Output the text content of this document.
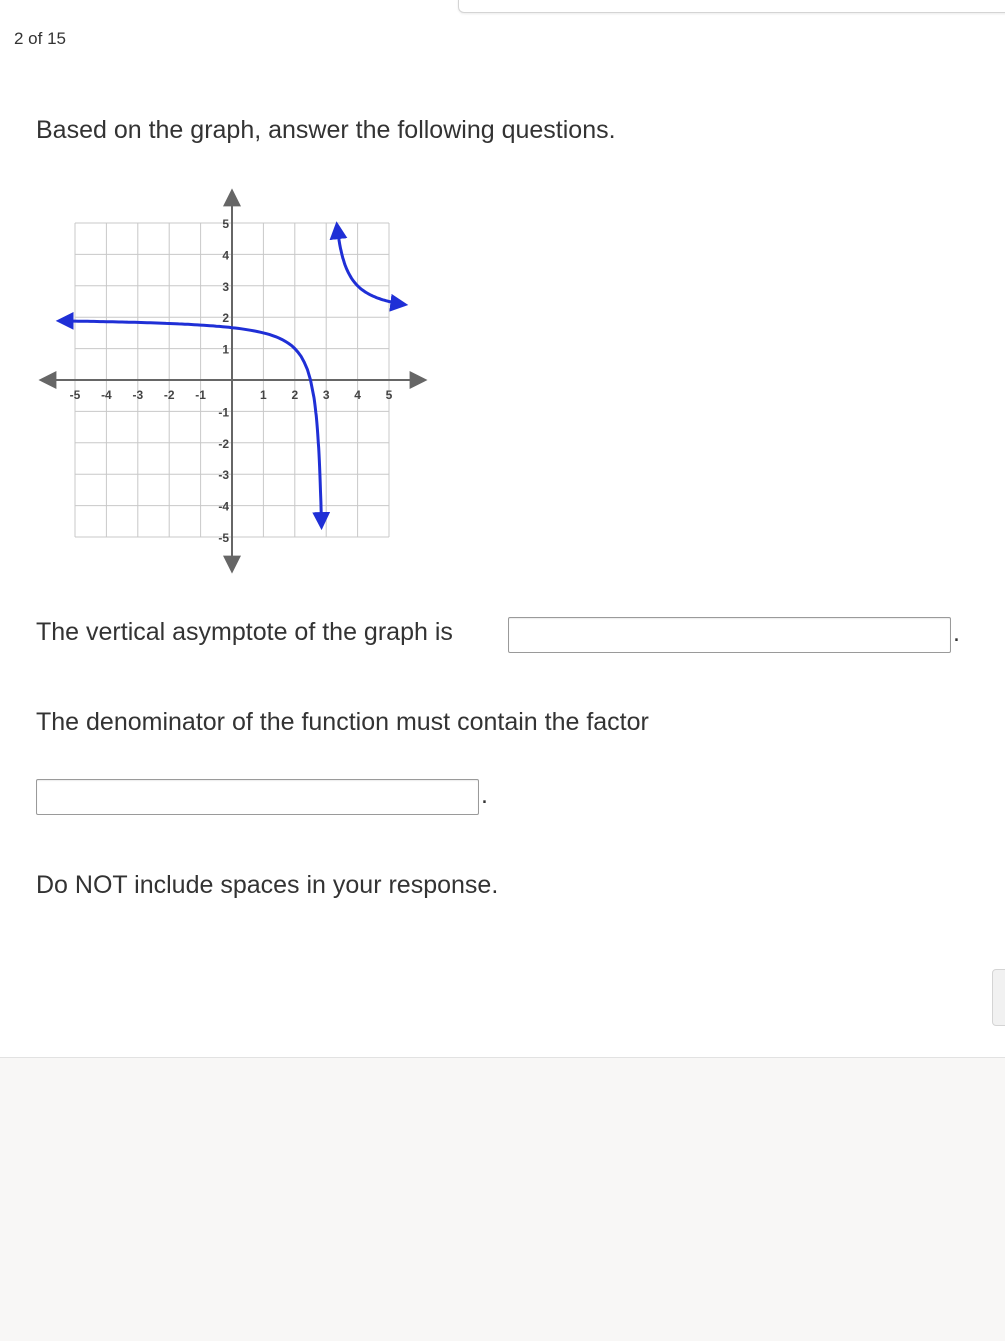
2 of 15
Based on the graph, answer the following questions.
-5 -4 -3 -2 -1	1 2 3 4 5
5
4
3
2
1
-1
-2
-3
-4
-5
The vertical asymptote of the graph is	.
The denominator of the function must contain the factor
.
Do NOT include spaces in your response.
